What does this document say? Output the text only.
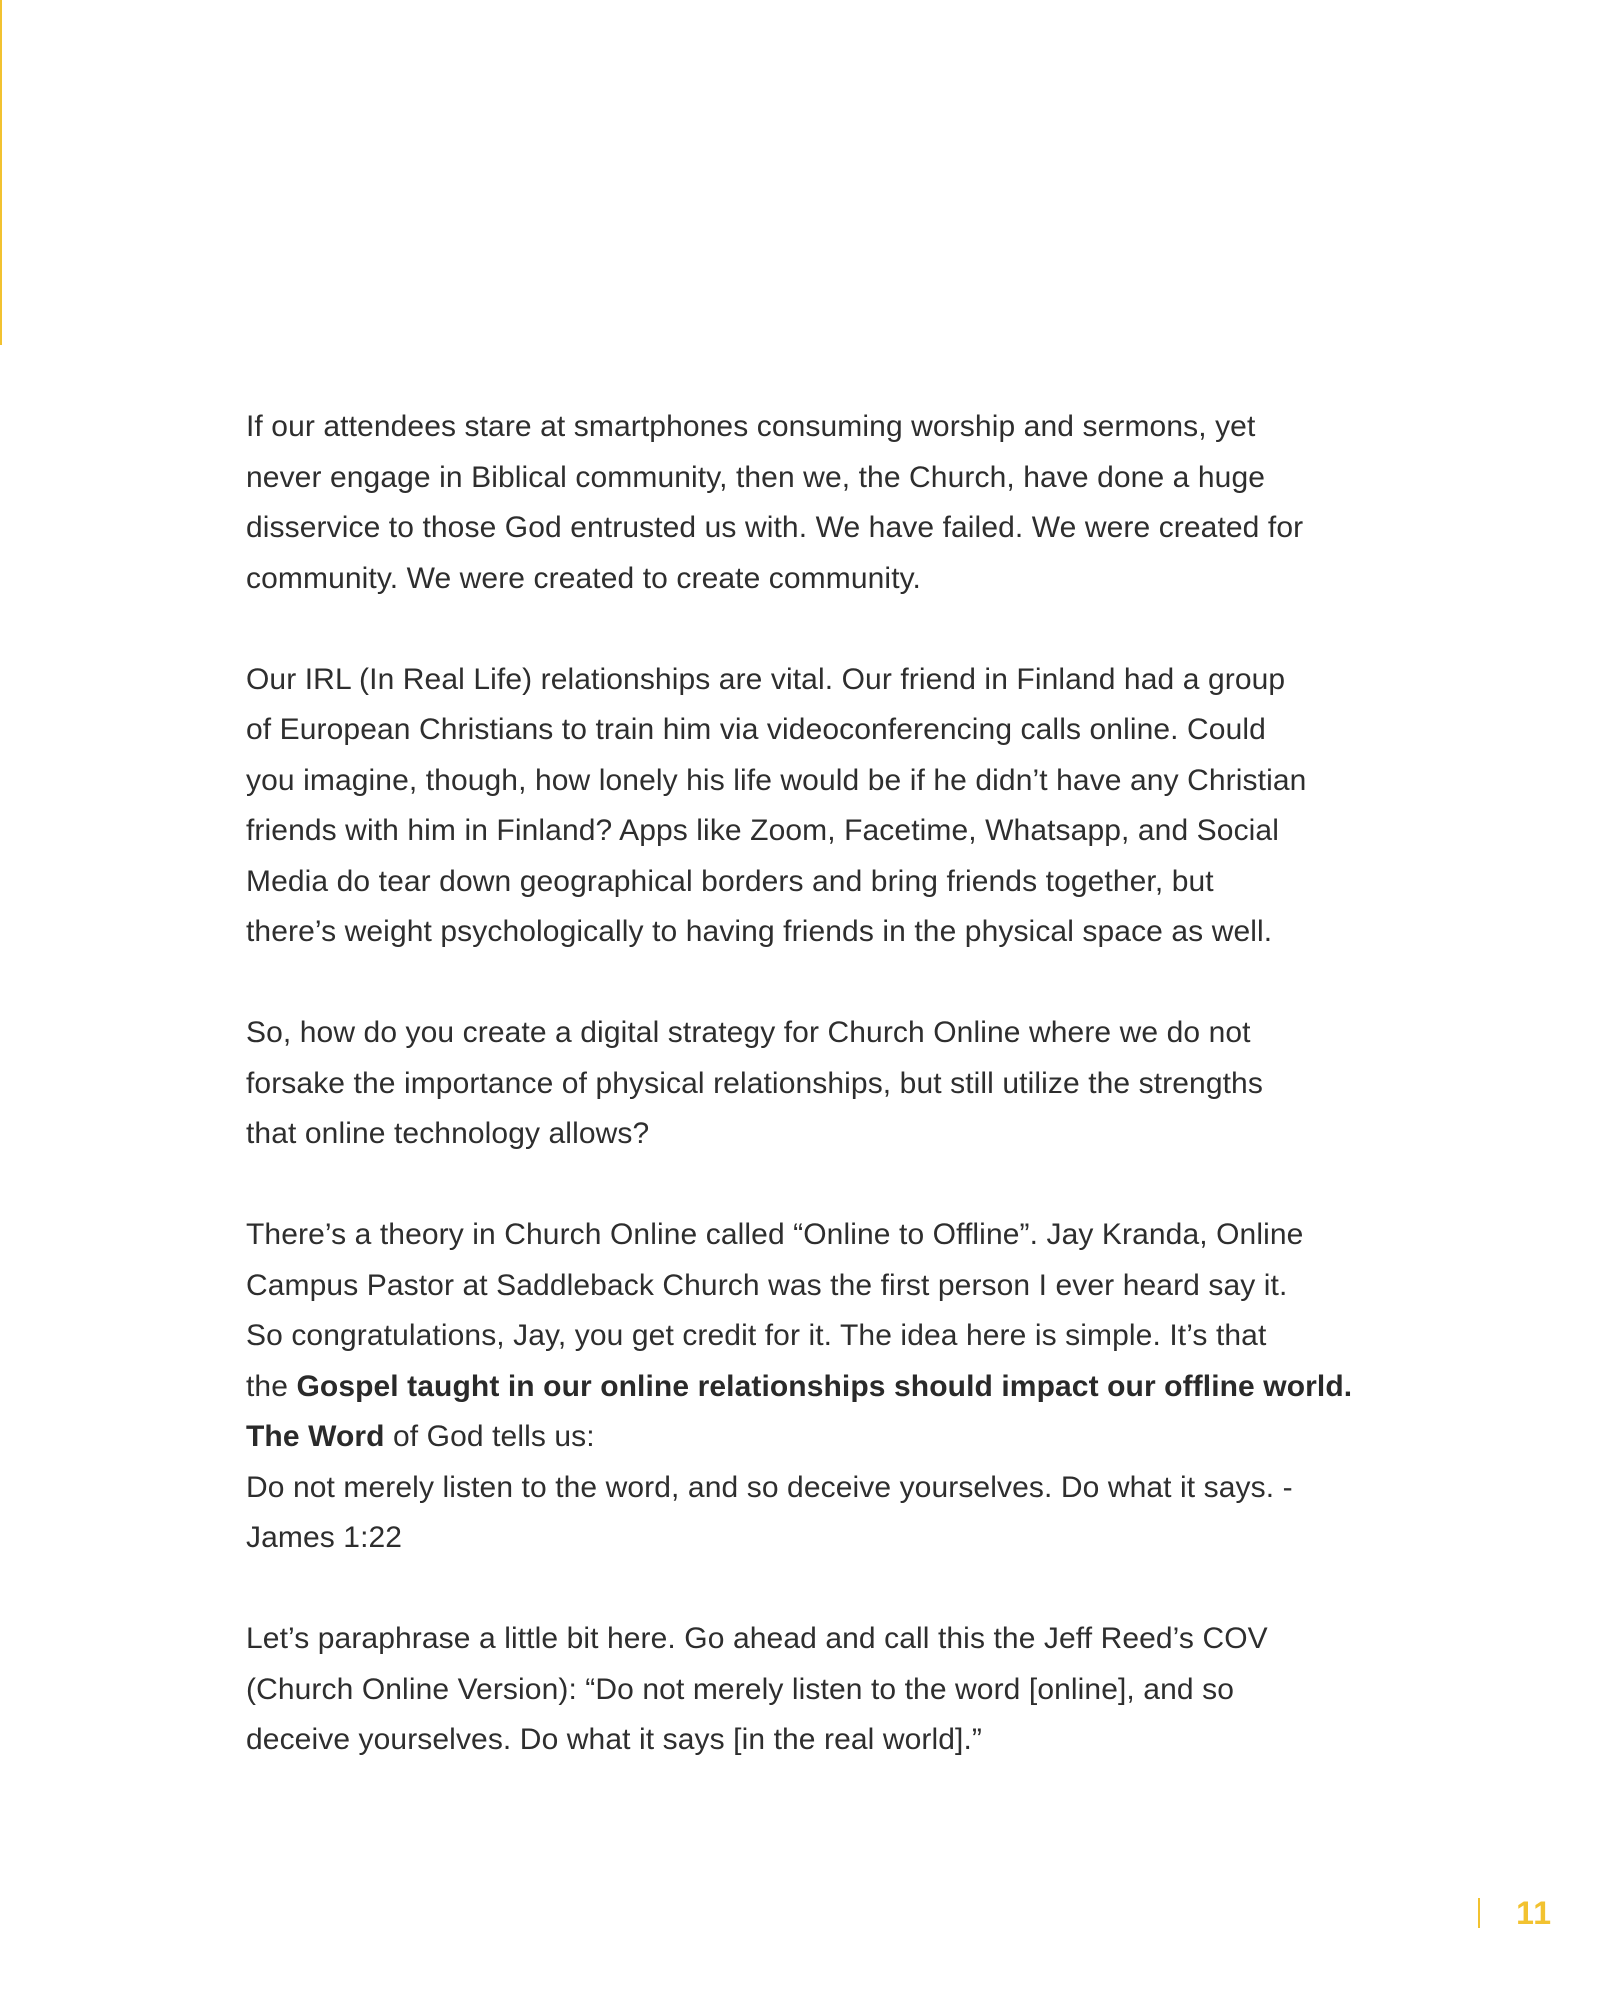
If our attendees stare at smartphones consuming worship and sermons, yet
never engage in Biblical community, then we, the Church, have done a huge
disservice to those God entrusted us with. We have failed. We were created for
community. We were created to create community.

Our IRL (In Real Life) relationships are vital. Our friend in Finland had a group
of European Christians to train him via videoconferencing calls online. Could
you imagine, though, how lonely his life would be if he didn’t have any Christian
friends with him in Finland? Apps like Zoom, Facetime, Whatsapp, and Social
Media do tear down geographical borders and bring friends together, but
there’s weight psychologically to having friends in the physical space as well.

So, how do you create a digital strategy for Church Online where we do not
forsake the importance of physical relationships, but still utilize the strengths
that online technology allows?

There’s a theory in Church Online called “Online to Offline”. Jay Kranda, Online
Campus Pastor at Saddleback Church was the first person I ever heard say it.
So congratulations, Jay, you get credit for it. The idea here is simple. It’s that
the Gospel taught in our online relationships should impact our offline world.
The Word of God tells us:
Do not merely listen to the word, and so deceive yourselves. Do what it says. -
James 1:22

Let’s paraphrase a little bit here. Go ahead and call this the Jeff Reed’s COV
(Church Online Version): “Do not merely listen to the word [online], and so
deceive yourselves. Do what it says [in the real world].”

11
